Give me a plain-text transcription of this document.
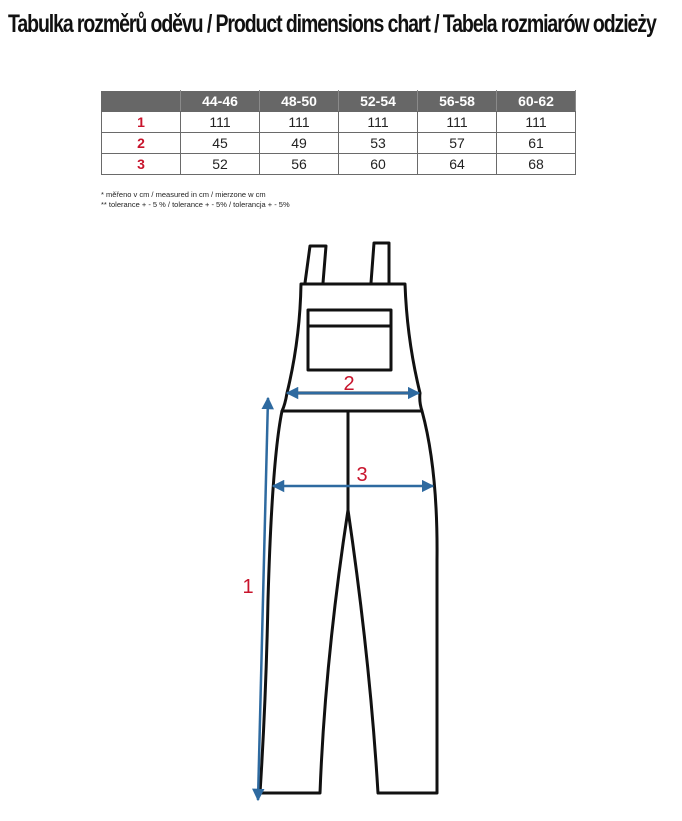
Tabulka rozměrů oděvu / Product dimensions chart / Tabela rozmiarów odzieży
	44-46	48-50	52-54	56-58	60-62
1	111	111	111	111	111
2	45	49	53	57	61
3	52	56	60	64	68
* měřeno v cm / measured in cm / mierzone w cm
** tolerance + - 5 % / tolerance + - 5% / tolerancja + - 5%
1
2
3
